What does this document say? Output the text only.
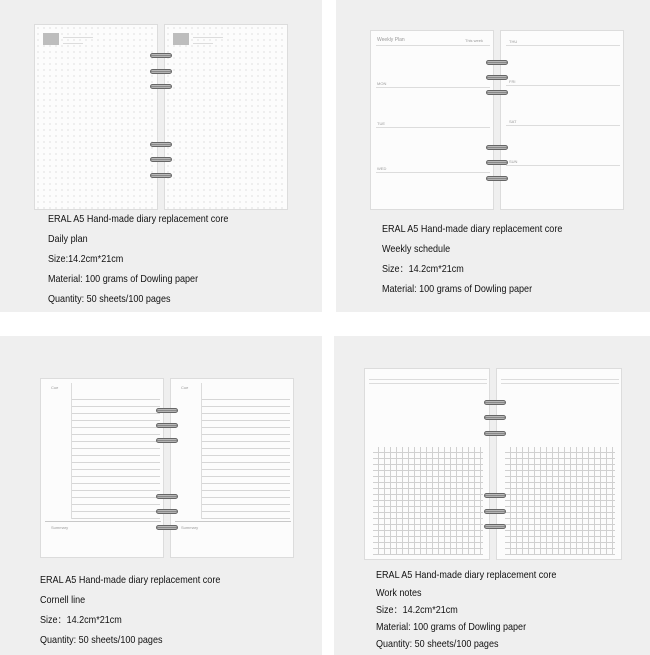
ERAL A5 Hand-made diary replacement core
Daily plan
Size:14.2cm*21cm
Material: 100 grams of Dowling paper
Quantity: 50 sheets/100 pages
Weekly Plan	This week
MON
TUE
WED
THU
FRI
SAT
SUN
ERAL A5 Hand-made diary replacement core
Weekly schedule
Size：14.2cm*21cm
Material: 100 grams of Dowling paper
Cue
Summary
Cue
Summary
ERAL A5 Hand-made diary replacement core
Cornell line
Size：14.2cm*21cm
Quantity: 50 sheets/100 pages
ERAL A5 Hand-made diary replacement core
Work notes
Size：14.2cm*21cm
Material: 100 grams of Dowling paper
Quantity: 50 sheets/100 pages
